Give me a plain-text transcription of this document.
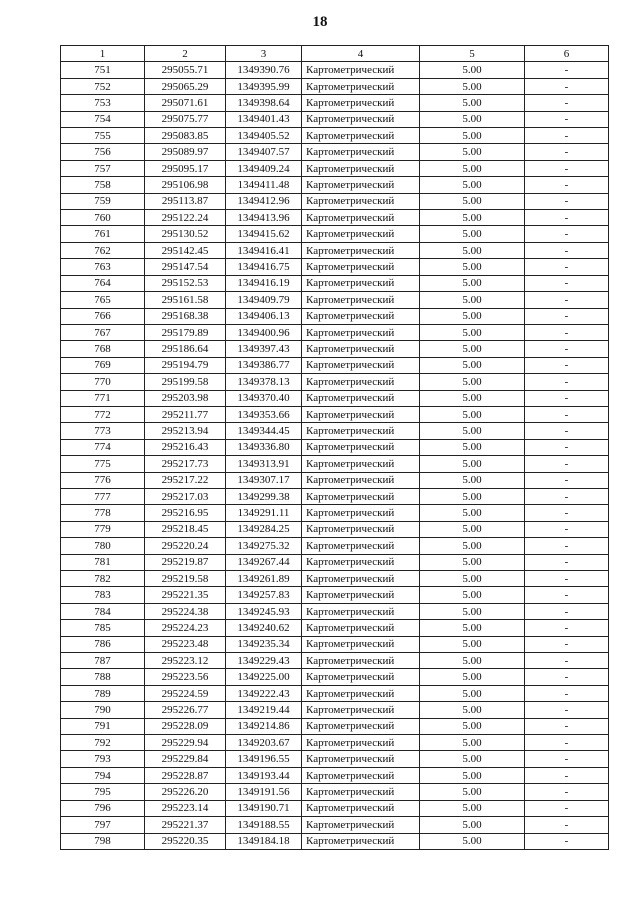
18
1	2	3	4	5	6
751	295055.71	1349390.76	Картометрический	5.00	-
752	295065.29	1349395.99	Картометрический	5.00	-
753	295071.61	1349398.64	Картометрический	5.00	-
754	295075.77	1349401.43	Картометрический	5.00	-
755	295083.85	1349405.52	Картометрический	5.00	-
756	295089.97	1349407.57	Картометрический	5.00	-
757	295095.17	1349409.24	Картометрический	5.00	-
758	295106.98	1349411.48	Картометрический	5.00	-
759	295113.87	1349412.96	Картометрический	5.00	-
760	295122.24	1349413.96	Картометрический	5.00	-
761	295130.52	1349415.62	Картометрический	5.00	-
762	295142.45	1349416.41	Картометрический	5.00	-
763	295147.54	1349416.75	Картометрический	5.00	-
764	295152.53	1349416.19	Картометрический	5.00	-
765	295161.58	1349409.79	Картометрический	5.00	-
766	295168.38	1349406.13	Картометрический	5.00	-
767	295179.89	1349400.96	Картометрический	5.00	-
768	295186.64	1349397.43	Картометрический	5.00	-
769	295194.79	1349386.77	Картометрический	5.00	-
770	295199.58	1349378.13	Картометрический	5.00	-
771	295203.98	1349370.40	Картометрический	5.00	-
772	295211.77	1349353.66	Картометрический	5.00	-
773	295213.94	1349344.45	Картометрический	5.00	-
774	295216.43	1349336.80	Картометрический	5.00	-
775	295217.73	1349313.91	Картометрический	5.00	-
776	295217.22	1349307.17	Картометрический	5.00	-
777	295217.03	1349299.38	Картометрический	5.00	-
778	295216.95	1349291.11	Картометрический	5.00	-
779	295218.45	1349284.25	Картометрический	5.00	-
780	295220.24	1349275.32	Картометрический	5.00	-
781	295219.87	1349267.44	Картометрический	5.00	-
782	295219.58	1349261.89	Картометрический	5.00	-
783	295221.35	1349257.83	Картометрический	5.00	-
784	295224.38	1349245.93	Картометрический	5.00	-
785	295224.23	1349240.62	Картометрический	5.00	-
786	295223.48	1349235.34	Картометрический	5.00	-
787	295223.12	1349229.43	Картометрический	5.00	-
788	295223.56	1349225.00	Картометрический	5.00	-
789	295224.59	1349222.43	Картометрический	5.00	-
790	295226.77	1349219.44	Картометрический	5.00	-
791	295228.09	1349214.86	Картометрический	5.00	-
792	295229.94	1349203.67	Картометрический	5.00	-
793	295229.84	1349196.55	Картометрический	5.00	-
794	295228.87	1349193.44	Картометрический	5.00	-
795	295226.20	1349191.56	Картометрический	5.00	-
796	295223.14	1349190.71	Картометрический	5.00	-
797	295221.37	1349188.55	Картометрический	5.00	-
798	295220.35	1349184.18	Картометрический	5.00	-
